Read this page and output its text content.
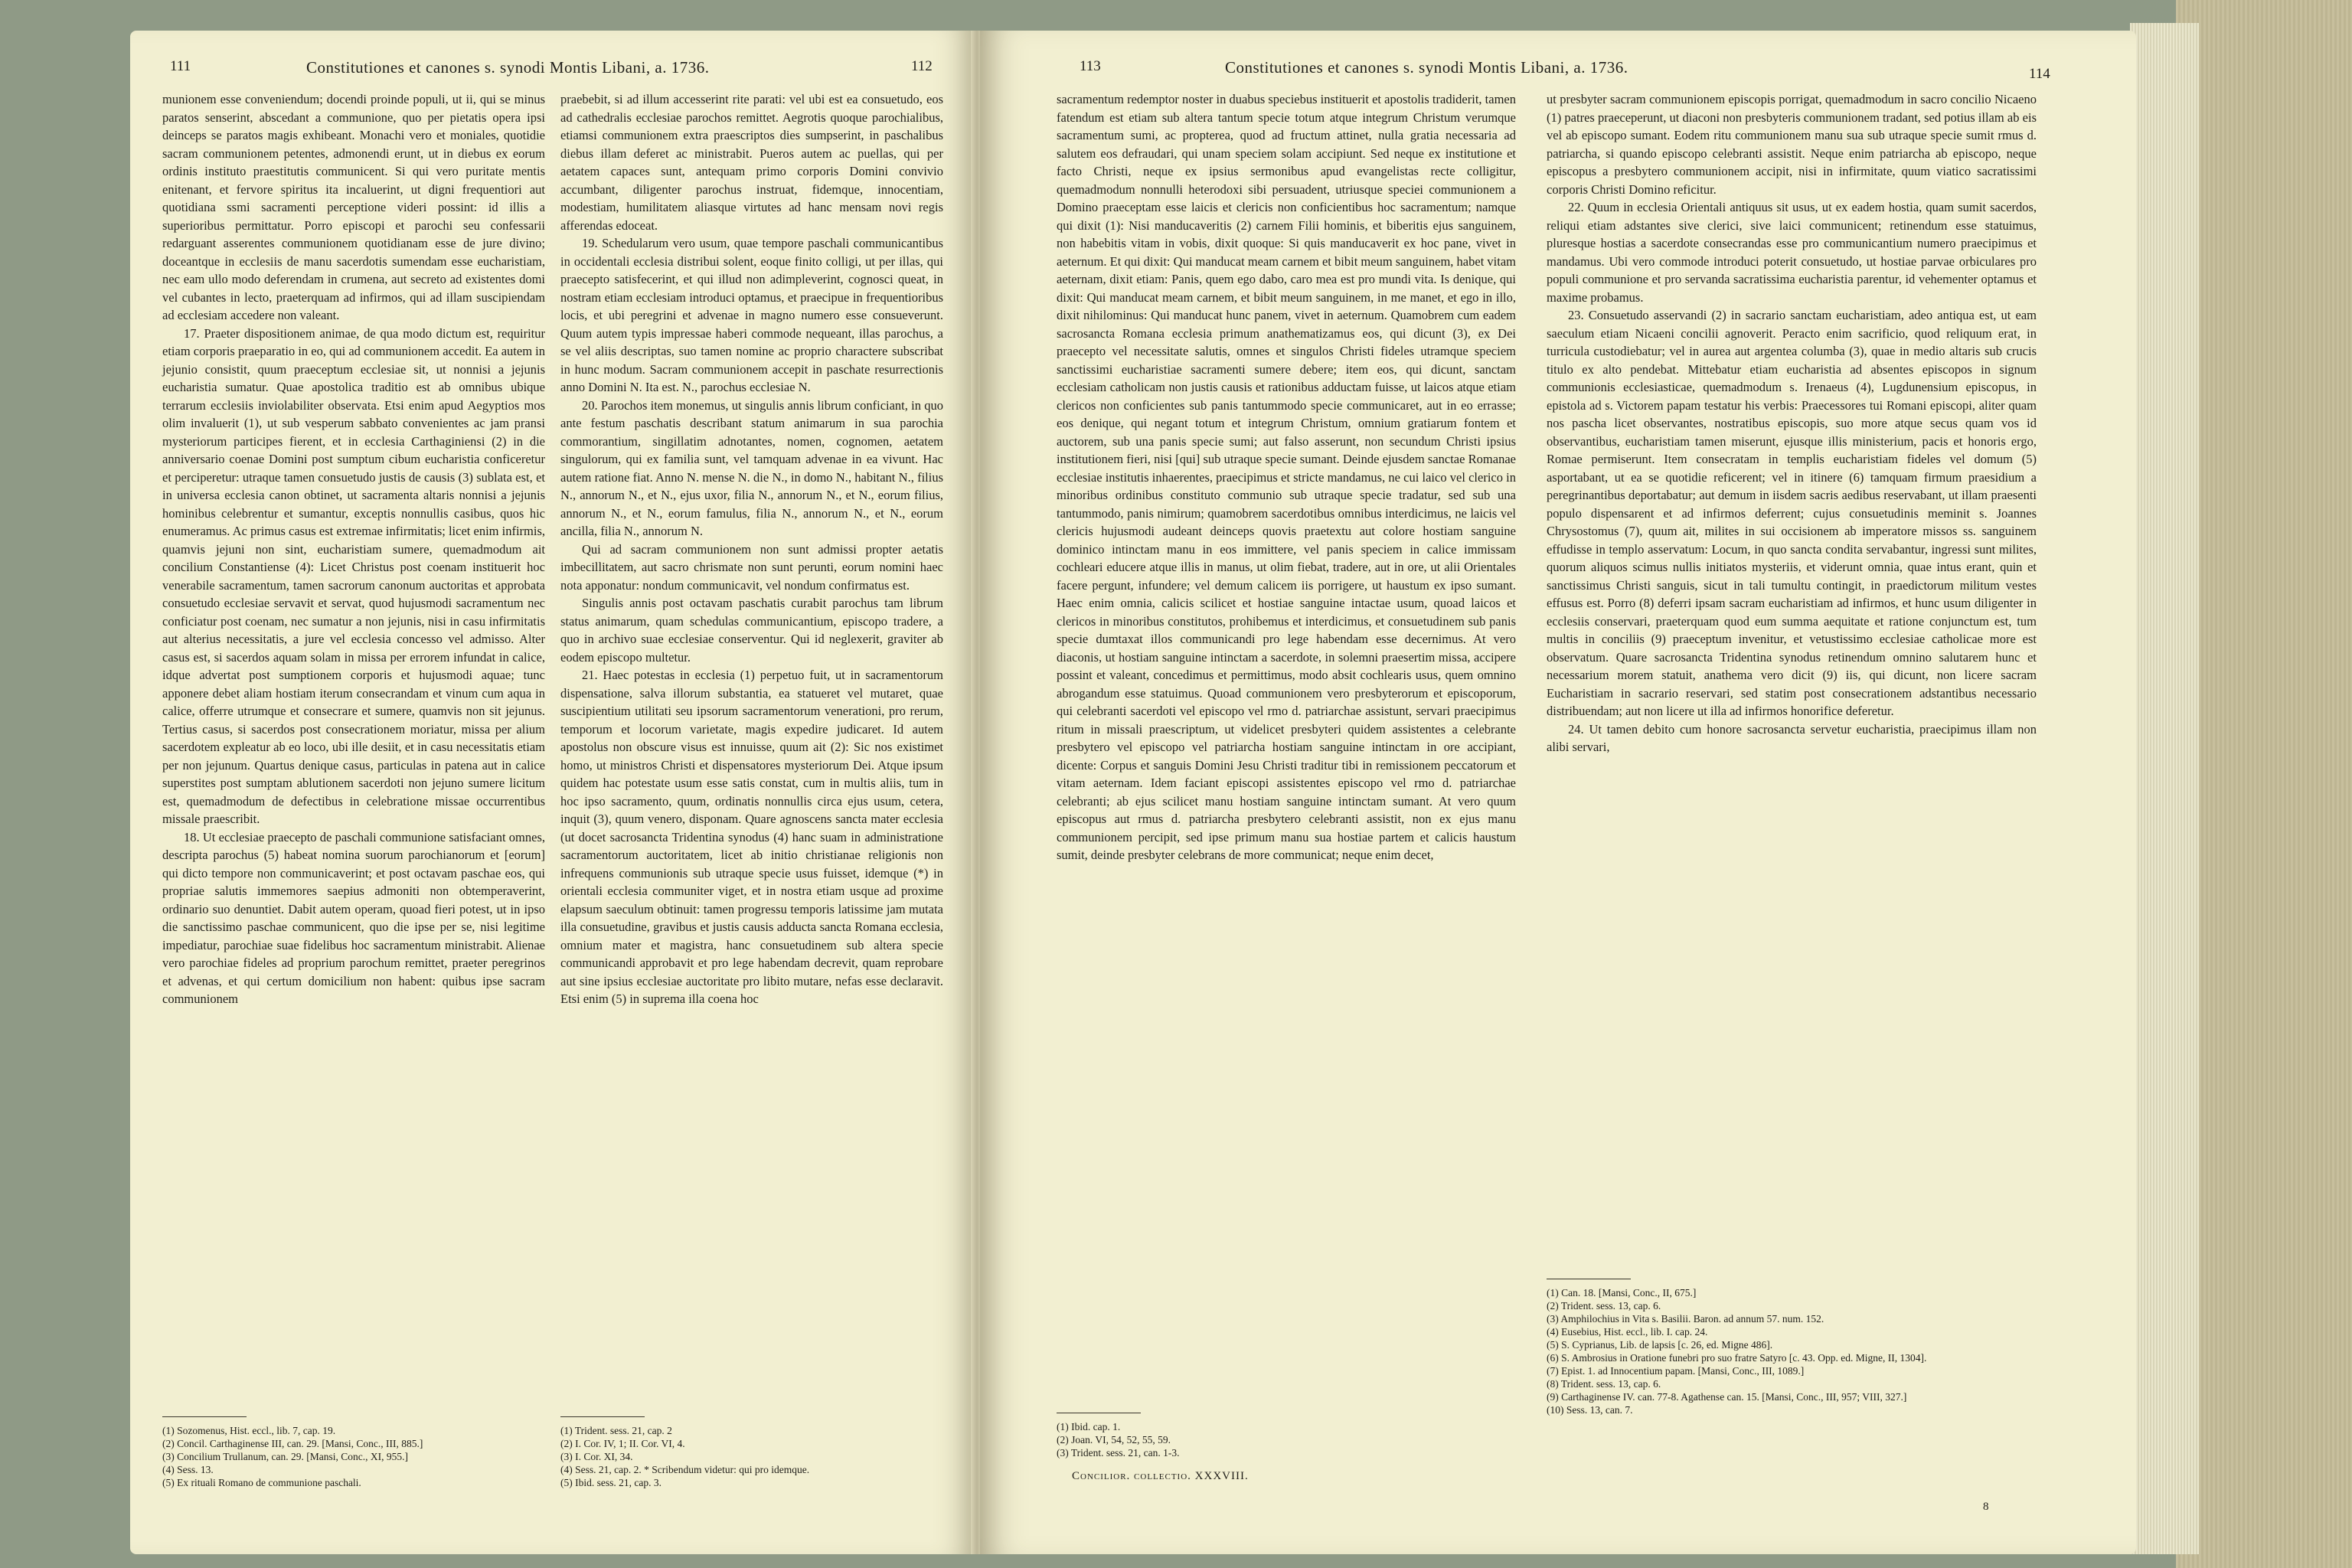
111	Constitutiones et canones s. synodi Montis Libani, a. 1736.	112

munionem esse conveniendum; docendi proinde populi, ut ii, qui se minus paratos senserint, abscedant a communione, quo per pietatis opera ipsi deinceps se paratos magis exhibeant. Monachi vero et moniales, quotidie sacram communionem petentes, admonendi erunt, ut in diebus ex eorum ordinis instituto praestitutis communicent. Si qui vero puritate mentis enitenant, et fervore spiritus ita incaluerint, ut digni frequentiori aut quotidiana ssmi sacramenti perceptione videri possint: id illis a superioribus permittatur. Porro episcopi et parochi seu confessarii redarguant asserentes communionem quotidianam esse de jure divino; doceantque in ecclesiis de manu sacerdotis sumendam esse eucharistiam, nec eam ullo modo deferendam in crumena, aut secreto ad existentes domi vel cubantes in lecto, praeterquam ad infirmos, qui ad illam suscipiendam ad ecclesiam accedere non valeant.

17. Praeter dispositionem animae, de qua modo dictum est, requiritur etiam corporis praeparatio in eo, qui ad communionem accedit. Ea autem in jejunio consistit, quum praeceptum ecclesiae sit, ut nonnisi a jejunis eucharistia sumatur. Quae apostolica traditio est ab omnibus ubique terrarum ecclesiis inviolabiliter observata. Etsi enim apud Aegyptios mos olim invaluerit (1), ut sub vesperum sabbato convenientes ac jam pransi mysteriorum participes fierent, et in ecclesia Carthaginiensi (2) in die anniversario coenae Domini post sumptum cibum eucharistia conficeretur et perciperetur: utraque tamen consuetudo justis de causis (3) sublata est, et in universa ecclesia canon obtinet, ut sacramenta altaris nonnisi a jejunis hominibus celebrentur et sumantur, exceptis nonnullis casibus, quos hic enumeramus. Ac primus casus est extremae infirmitatis; licet enim infirmis, quamvis jejuni non sint, eucharistiam sumere, quemadmodum ait concilium Constantiense (4): Licet Christus post coenam instituerit hoc venerabile sacramentum, tamen sacrorum canonum auctoritas et approbata consuetudo ecclesiae servavit et servat, quod hujusmodi sacramentum nec conficiatur post coenam, nec sumatur a non jejunis, nisi in casu infirmitatis aut alterius necessitatis, a jure vel ecclesia concesso vel admisso. Alter casus est, si sacerdos aquam solam in missa per errorem infundat in calice, idque advertat post sumptionem corporis et hujusmodi aquae; tunc apponere debet aliam hostiam iterum consecrandam et vinum cum aqua in calice, offerre utrumque et consecrare et sumere, quamvis non sit jejunus. Tertius casus, si sacerdos post consecrationem moriatur, missa per alium sacerdotem expleatur ab eo loco, ubi ille desiit, et in casu necessitatis etiam per non jejunum. Quartus denique casus, particulas in patena aut in calice superstites post sumptam ablutionem sacerdoti non jejuno sumere licitum est, quemadmodum de defectibus in celebratione missae occurrentibus missale praescribit.

18. Ut ecclesiae praecepto de paschali communione satisfaciant omnes, descripta parochus (5) habeat nomina suorum parochianorum et [eorum] qui dicto tempore non communicaverint; et post octavam paschae eos, qui propriae salutis immemores saepius admoniti non obtemperaverint, ordinario suo denuntiet. Dabit autem operam, quoad fieri potest, ut in ipso die sanctissimo paschae communicent, quo die ipse per se, nisi legitime impediatur, parochiae suae fidelibus hoc sacramentum ministrabit. Alienae vero parochiae fideles ad proprium parochum remittet, praeter peregrinos et advenas, et qui certum domicilium non habent: quibus ipse sacram communionem

praebebit, si ad illum accesserint rite parati: vel ubi est ea consuetudo, eos ad cathedralis ecclesiae parochos remittet. Aegrotis quoque parochialibus, etiamsi communionem extra praescriptos dies sumpserint, in paschalibus diebus illam deferet ac ministrabit. Pueros autem ac puellas, qui per aetatem capaces sunt, antequam primo corporis Domini convivio accumbant, diligenter parochus instruat, fidemque, innocentiam, modestiam, humilitatem aliasque virtutes ad hanc mensam novi regis afferendas edoceat.

19. Schedularum vero usum, quae tempore paschali communicantibus in occidentali ecclesia distribui solent, eoque finito colligi, ut per illas, qui praecepto satisfecerint, et qui illud non adimpleverint, cognosci queat, in nostram etiam ecclesiam introduci optamus, et praecipue in frequentioribus locis, et ubi peregrini et advenae in magno numero esse consueverunt. Quum autem typis impressae haberi commode nequeant, illas parochus, a se vel aliis descriptas, suo tamen nomine ac proprio charactere subscribat in hunc modum. Sacram communionem accepit in paschate resurrectionis anno Domini N. Ita est. N., parochus ecclesiae N.

20. Parochos item monemus, ut singulis annis librum conficiant, in quo ante festum paschatis describant statum animarum in sua parochia commorantium, singillatim adnotantes, nomen, cognomen, aetatem singulorum, qui ex familia sunt, vel tamquam advenae in ea vivunt. Hac autem ratione fiat. Anno N. mense N. die N., in domo N., habitant N., filius N., annorum N., et N., ejus uxor, filia N., annorum N., et N., eorum filius, annorum N., et N., eorum famulus, filia N., annorum N., et N., eorum ancilla, filia N., annorum N.

Qui ad sacram communionem non sunt admissi propter aetatis imbecillitatem, aut sacro chrismate non sunt perunti, eorum nomini haec nota apponatur: nondum communicavit, vel nondum confirmatus est.

Singulis annis post octavam paschatis curabit parochus tam librum status animarum, quam schedulas communicantium, episcopo tradere, a quo in archivo suae ecclesiae conserventur. Qui id neglexerit, graviter ab eodem episcopo multetur.

21. Haec potestas in ecclesia (1) perpetuo fuit, ut in sacramentorum dispensatione, salva illorum substantia, ea statueret vel mutaret, quae suscipientium utilitati seu ipsorum sacramentorum venerationi, pro rerum, temporum et locorum varietate, magis expedire judicaret. Id autem apostolus non obscure visus est innuisse, quum ait (2): Sic nos existimet homo, ut ministros Christi et dispensatores mysteriorum Dei. Atque ipsum quidem hac potestate usum esse satis constat, cum in multis aliis, tum in hoc ipso sacramento, quum, ordinatis nonnullis circa ejus usum, cetera, inquit (3), quum venero, disponam. Quare agnoscens sancta mater ecclesia (ut docet sacrosancta Tridentina synodus (4) hanc suam in administratione sacramentorum auctoritatem, licet ab initio christianae religionis non infrequens communionis sub utraque specie usus fuisset, idemque (*) in orientali ecclesia communiter viget, et in nostra etiam usque ad proxime elapsum saeculum obtinuit: tamen progressu temporis latissime jam mutata illa consuetudine, gravibus et justis causis adducta sancta Romana ecclesia, omnium mater et magistra, hanc consuetudinem sub altera specie communicandi approbavit et pro lege habendam decrevit, quam reprobare aut sine ipsius ecclesiae auctoritate pro libito mutare, nefas esse declaravit. Etsi enim (5) in suprema illa coena hoc

(1) Sozomenus, Hist. eccl., lib. 7, cap. 19.
(2) Concil. Carthaginense III, can. 29. [Mansi, Conc., III, 885.]
(3) Concilium Trullanum, can. 29. [Mansi, Conc., XI, 955.]
(4) Sess. 13.
(5) Ex rituali Romano de communione paschali.
(1) Trident. sess. 21, cap. 2
(2) I. Cor. IV, 1; II. Cor. VI, 4.
(3) I. Cor. XI, 34.
(4) Sess. 21, cap. 2. * Scribendum videtur: qui pro idemque.
(5) Ibid. sess. 21, cap. 3.
113	Constitutiones et canones s. synodi Montis Libani, a. 1736.	114

sacramentum redemptor noster in duabus speciebus instituerit et apostolis tradiderit, tamen fatendum est etiam sub altera tantum specie totum atque integrum Christum verumque sacramentum sumi, ac propterea, quod ad fructum attinet, nulla gratia necessaria ad salutem eos defraudari, qui unam speciem solam accipiunt. Sed neque ex institutione et facto Christi, neque ex ipsius sermonibus apud evangelistas recte colligitur, quemadmodum nonnulli heterodoxi sibi persuadent, utriusque speciei communionem a Domino praeceptam esse laicis et clericis non conficientibus hoc sacramentum; namque qui dixit (1): Nisi manducaveritis (2) carnem Filii hominis, et biberitis ejus sanguinem, non habebitis vitam in vobis, dixit quoque: Si quis manducaverit ex hoc pane, vivet in aeternum. Et qui dixit: Qui manducat meam carnem et bibit meum sanguinem, habet vitam aeternam, dixit etiam: Panis, quem ego dabo, caro mea est pro mundi vita. Is denique, qui dixit: Qui manducat meam carnem, et bibit meum sanguinem, in me manet, et ego in illo, dixit nihilominus: Qui manducat hunc panem, vivet in aeternum. Quamobrem cum eadem sacrosancta Romana ecclesia primum anathematizamus eos, qui dicunt (3), ex Dei praecepto vel necessitate salutis, omnes et singulos Christi fideles utramque speciem sanctissimi eucharistiae sacramenti sumere debere; item eos, qui dicunt, sanctam ecclesiam catholicam non justis causis et rationibus adductam fuisse, ut laicos atque etiam clericos non conficientes sub panis tantummodo specie communicaret, aut in eo errasse; eos denique, qui negant totum et integrum Christum, omnium gratiarum fontem et auctorem, sub una panis specie sumi; aut falso asserunt, non secundum Christi ipsius institutionem fieri, nisi [qui] sub utraque specie sumant. Deinde ejusdem sanctae Romanae ecclesiae institutis inhaerentes, praecipimus et stricte mandamus, ne cui laico vel clerico in minoribus ordinibus constituto communio sub utraque specie tradatur, sed sub una tantummodo, panis nimirum; quamobrem sacerdotibus omnibus interdicimus, ne laicis vel clericis hujusmodi audeant deinceps quovis praetextu aut colore hostiam sanguine dominico intinctam manu in eos immittere, vel panis speciem in calice immissam cochleari educere atque illis in manus, ut olim fiebat, tradere, aut in ore, ut alii Orientales facere pergunt, infundere; vel demum calicem iis porrigere, ut haustum ex ipso sumant. Haec enim omnia, calicis scilicet et hostiae sanguine intactae usum, quoad laicos et clericos in minoribus constitutos, prohibemus et interdicimus, et consuetudinem sub panis specie dumtaxat illos communicandi pro lege habendam esse decernimus. At vero diaconis, ut hostiam sanguine intinctam a sacerdote, in solemni praesertim missa, accipere possint et valeant, concedimus et permittimus, modo absit cochlearis usus, quem omnino abrogandum esse statuimus. Quoad communionem vero presbyterorum et episcoporum, qui celebranti sacerdoti vel episcopo vel rmo d. patriarchae assistunt, servari praecipimus ritum in missali praescriptum, ut videlicet presbyteri quidem assistentes a celebrante presbytero vel episcopo vel patriarcha hostiam sanguine intinctam in ore accipiant, dicente: Corpus et sanguis Domini Jesu Christi traditur tibi in remissionem peccatorum et vitam aeternam. Idem faciant episcopi assistentes episcopo vel rmo d. patriarchae celebranti; ab ejus scilicet manu hostiam sanguine intinctam sumant. At vero quum episcopus aut rmus d. patriarcha presbytero celebranti assistit, non ex ejus manu communionem percipit, sed ipse primum manu sua hostiae partem et calicis haustum sumit, deinde presbyter celebrans de more communicat; neque enim decet,

ut presbyter sacram communionem episcopis porrigat, quemadmodum in sacro concilio Nicaeno (1) patres praeceperunt, ut diaconi non presbyteris communionem tradant, sed potius illam ab eis vel ab episcopo sumant. Eodem ritu communionem manu sua sub utraque specie sumit rmus d. patriarcha, si quando episcopo celebranti assistit. Neque enim patriarcha ab episcopo, neque episcopus a presbytero communionem accipit, nisi in infirmitate, quum viatico sacratissimi corporis Christi Domino reficitur.

22. Quum in ecclesia Orientali antiquus sit usus, ut ex eadem hostia, quam sumit sacerdos, reliqui etiam adstantes sive clerici, sive laici communicent; retinendum esse statuimus, pluresque hostias a sacerdote consecrandas esse pro communicantium numero praecipimus et mandamus. Ubi vero commode introduci poterit consuetudo, ut hostiae parvae orbiculares pro populi communione et pro servanda sacratissima eucharistia parentur, id vehementer optamus et maxime probamus.

23. Consuetudo asservandi (2) in sacrario sanctam eucharistiam, adeo antiqua est, ut eam saeculum etiam Nicaeni concilii agnoverit. Peracto enim sacrificio, quod reliquum erat, in turricula custodiebatur; vel in aurea aut argentea columba (3), quae in medio altaris sub crucis titulo ex alto pendebat. Mittebatur etiam eucharistia ad absentes episcopos in signum communionis ecclesiasticae, quemadmodum s. Irenaeus (4), Lugdunensium episcopus, in epistola ad s. Victorem papam testatur his verbis: Praecessores tui Romani episcopi, aliter quam nos pascha licet observantes, nostratibus episcopis, suo more atque secus quam vos id observantibus, eucharistiam tamen miserunt, ejusque illis ministerium, pacis et honoris ergo, Romae permiserunt. Item consecratam in templis eucharistiam fideles vel domum (5) asportabant, ut ea se quotidie reficerent; vel in itinere (6) tamquam firmum praesidium a peregrinantibus deportabatur; aut demum in iisdem sacris aedibus reservabant, ut illam praesenti populo dispensarent et ad infirmos deferrent; cujus consuetudinis meminit s. Joannes Chrysostomus (7), quum ait, milites in sui occisionem ab imperatore missos ss. sanguinem effudisse in templo asservatum: Locum, in quo sancta condita servabantur, ingressi sunt milites, quorum aliquos scimus nullis initiatos mysteriis, et viderunt omnia, quae intus erant, quin et sanctissimus Christi sanguis, sicut in tali tumultu contingit, in praedictorum militum vestes effusus est. Porro (8) deferri ipsam sacram eucharistiam ad infirmos, et hunc usum diligenter in ecclesiis conservari, praeterquam quod eum summa aequitate et ratione conjunctum est, tum multis in conciliis (9) praeceptum invenitur, et vetustissimo ecclesiae catholicae more est observatum. Quare sacrosancta Tridentina synodus retinendum omnino salutarem hunc et necessarium morem statuit, anathema vero dicit (9) iis, qui dicunt, non licere sacram Eucharistiam in sacrario reservari, sed statim post consecrationem adstantibus necessario distribuendam; aut non licere ut illa ad infirmos honorifice deferetur.

24. Ut tamen debito cum honore sacrosancta servetur eucharistia, praecipimus illam non alibi servari,

(1) Ibid. cap. 1.
(2) Joan. VI, 54, 52, 55, 59.
(3) Trident. sess. 21, can. 1-3.
Concilior. collectio. XXXVIII.
(1) Can. 18. [Mansi, Conc., II, 675.]
(2) Trident. sess. 13, cap. 6.
(3) Amphilochius in Vita s. Basilii. Baron. ad annum 57. num. 152.
(4) Eusebius, Hist. eccl., lib. I. cap. 24.
(5) S. Cyprianus, Lib. de lapsis [c. 26, ed. Migne 486].
(6) S. Ambrosius in Oratione funebri pro suo fratre Satyro [c. 43. Opp. ed. Migne, II, 1304].
(7) Epist. 1. ad Innocentium papam. [Mansi, Conc., III, 1089.]
(8) Trident. sess. 13, cap. 6.
(9) Carthaginense IV. can. 77-8. Agathense can. 15. [Mansi, Conc., III, 957; VIII, 327.]
(10) Sess. 13, can. 7.
8
